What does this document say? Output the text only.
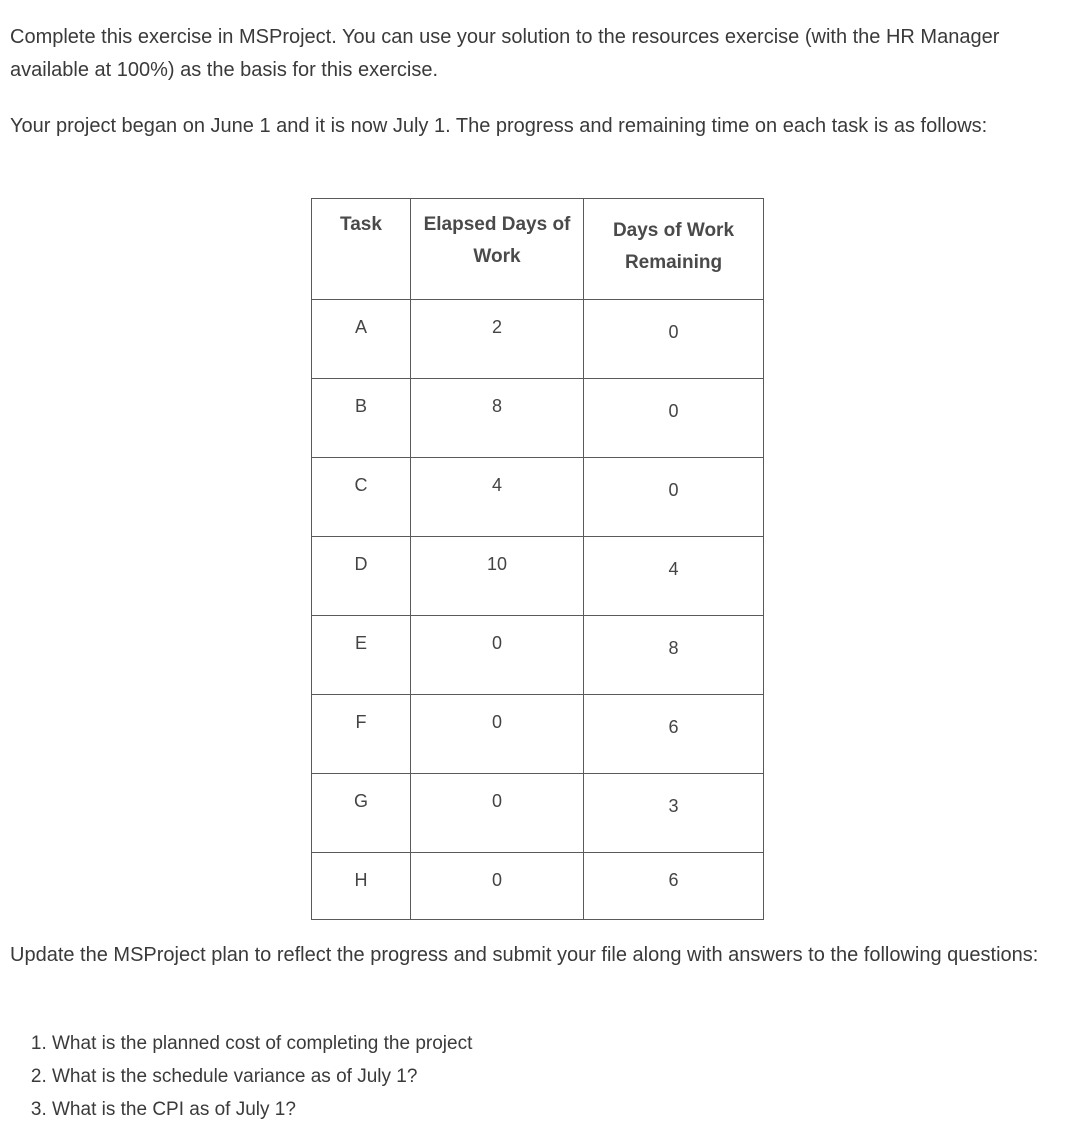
Complete this exercise in MSProject. You can use your solution to the resources exercise (with the HR Manager available at 100%) as the basis for this exercise.

Your project began on June 1 and it is now July 1. The progress and remaining time on each task is as follows:

Task	Elapsed Days of Work	Days of Work Remaining
A	2	0
B	8	0
C	4	0
D	10	4
E	0	8
F	0	6
G	0	3
H	0	6

Update the MSProject plan to reflect the progress and submit your file along with answers to the following questions:

1. What is the planned cost of completing the project
2. What is the schedule variance as of July 1?
3. What is the CPI as of July 1?
